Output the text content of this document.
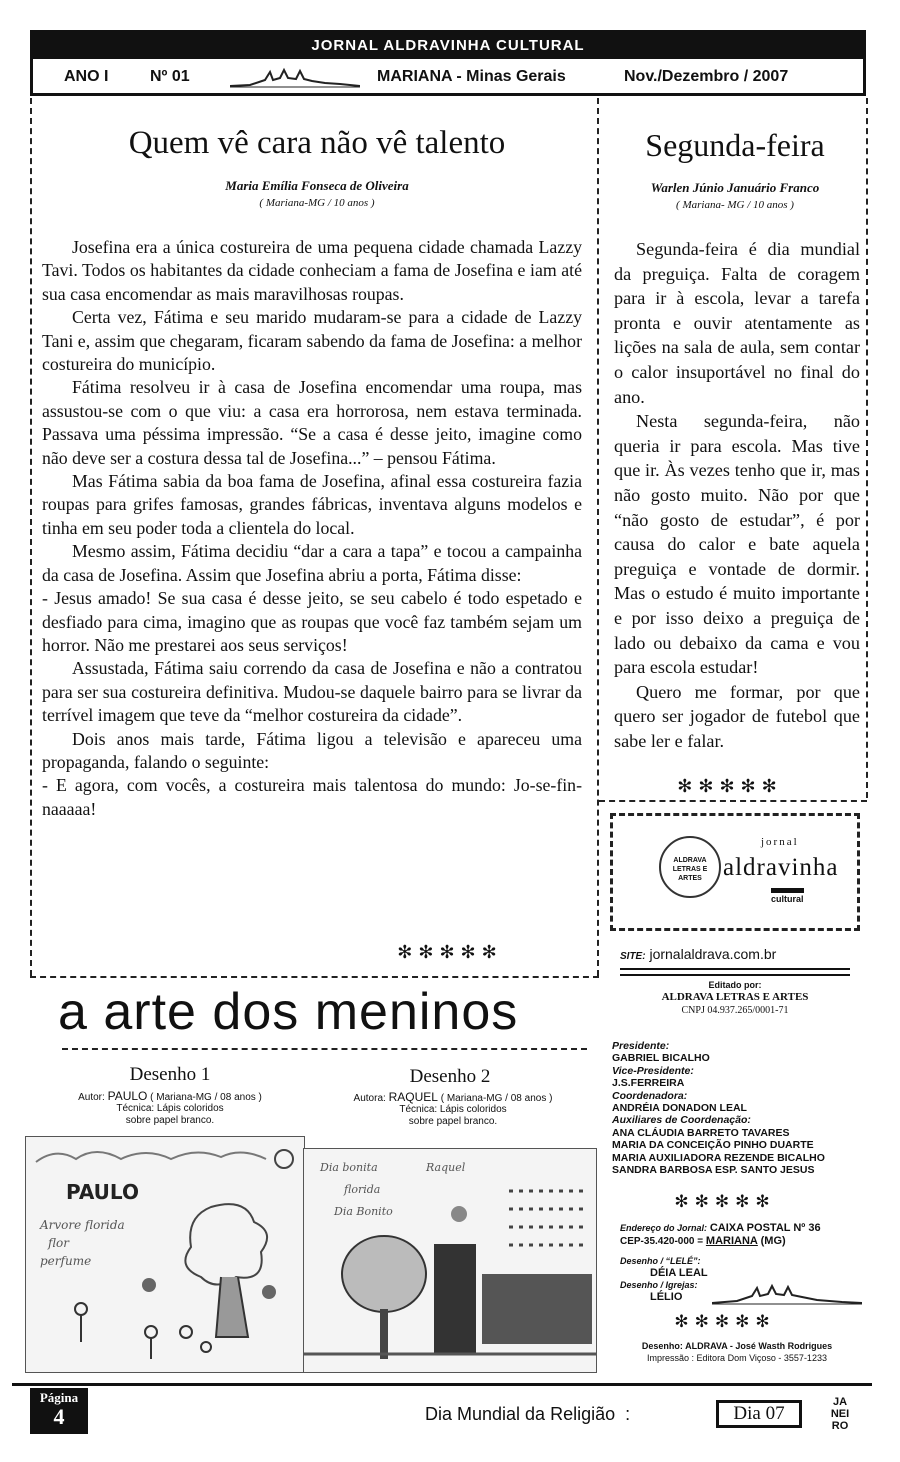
JORNAL ALDRAVINHA CULTURAL
ANO I	Nº 01	MARIANA - Minas Gerais	Nov./Dezembro / 2007
Quem vê cara não vê talento
Maria Emília Fonseca de Oliveira
( Mariana-MG / 10 anos )

Josefina era a única costureira de uma pequena cidade chamada Lazzy Tavi. Todos os habitantes da cidade conheciam a fama de Josefina e iam até sua casa encomendar as mais maravilhosas roupas.

Certa vez, Fátima e seu marido mudaram-se para a cidade de Lazzy Tani e, assim que chegaram, ficaram sabendo da fama de Josefina: a melhor costureira do município.

Fátima resolveu ir à casa de Josefina encomendar uma roupa, mas assustou-se com o que viu: a casa era horrorosa, nem estava terminada. Passava uma péssima impressão. “Se a casa é desse jeito, imagine como não deve ser a costura dessa tal de Josefina...” – pensou Fátima.

Mas Fátima sabia da boa fama de Josefina, afinal essa costureira fazia roupas para grifes famosas, grandes fábricas, inventava alguns modelos e tinha em seu poder toda a clientela do local.

Mesmo assim, Fátima decidiu “dar a cara a tapa” e tocou a campainha da casa de Josefina. Assim que Josefina abriu a porta, Fátima disse:

- Jesus amado! Se sua casa é desse jeito, se seu cabelo é todo espetado e desfiado para cima, imagino que as roupas que você faz também sejam um horror. Não me prestarei aos seus serviços!

Assustada, Fátima saiu correndo da casa de Josefina e não a contratou para ser sua costureira definitiva. Mudou-se daquele bairro para se livrar da terrível imagem que teve da “melhor costureira da cidade”.

Dois anos mais tarde, Fátima ligou a televisão e apareceu uma propaganda, falando o seguinte:

- E agora, com vocês, a costureira mais talentosa do mundo: Jo-se-fin-naaaaa!

✻✻✻✻✻
Segunda-feira
Warlen Júnio Januário Franco
( Mariana- MG / 10 anos )

Segunda-feira é dia mundial da preguiça. Falta de coragem para ir à escola, levar a tarefa pronta e ouvir atentamente as lições na sala de aula, sem contar o calor insuportável no final do ano.

Nesta segunda-feira, não queria ir para escola. Mas tive que ir. Às vezes tenho que ir, mas não gosto muito. Não por que “não gosto de estudar”, é por causa do calor e bate aquela preguiça e vontade de dormir. Mas o estudo é muito importante e por isso deixo a preguiça de lado ou debaixo da cama e vou para escola estudar!

Quero me formar, por que quero ser jogador de futebol que sabe ler e falar.

✻✻✻✻✻
a arte dos meninos
Desenho 1
Autor: PAULO ( Mariana-MG / 08 anos )
Técnica: Lápis coloridos
sobre papel branco.
Desenho 2
Autora: RAQUEL ( Mariana-MG / 08 anos )
Técnica: Lápis coloridos
sobre papel branco.
PAULO
Arvore florida
flor
perfume
Dia bonita	Raquel
florida
Dia Bonito
ALDRAVA LETRAS E ARTES
jornal
aldravinha
cultural
SITE: jornalaldrava.com.br
Editado por:
ALDRAVA LETRAS E ARTES
CNPJ 04.937.265/0001-71
Presidente:
GABRIEL BICALHO
Vice-Presidente:
J.S.FERREIRA
Coordenadora:
ANDRÉIA DONADON LEAL
Auxiliares de Coordenação:
ANA CLÁUDIA BARRETO TAVARES
MARIA DA CONCEIÇÃO PINHO DUARTE
MARIA AUXILIADORA REZENDE BICALHO
SANDRA BARBOSA ESP. SANTO JESUS
✻✻✻✻✻
Endereço do Jornal: CAIXA POSTAL Nº 36
CEP-35.420-000 = MARIANA (MG)
Desenho / “LELÉ”:
DÉIA LEAL
Desenho / Igrejas:
LÉLIO
✻✻✻✻✻
Desenho: ALDRAVA - José Wasth Rodrigues
Impressão : Editora Dom Viçoso - 3557-1233
Página
4	Dia Mundial da Religião  :	Dia 07
JA
NEI
RO
